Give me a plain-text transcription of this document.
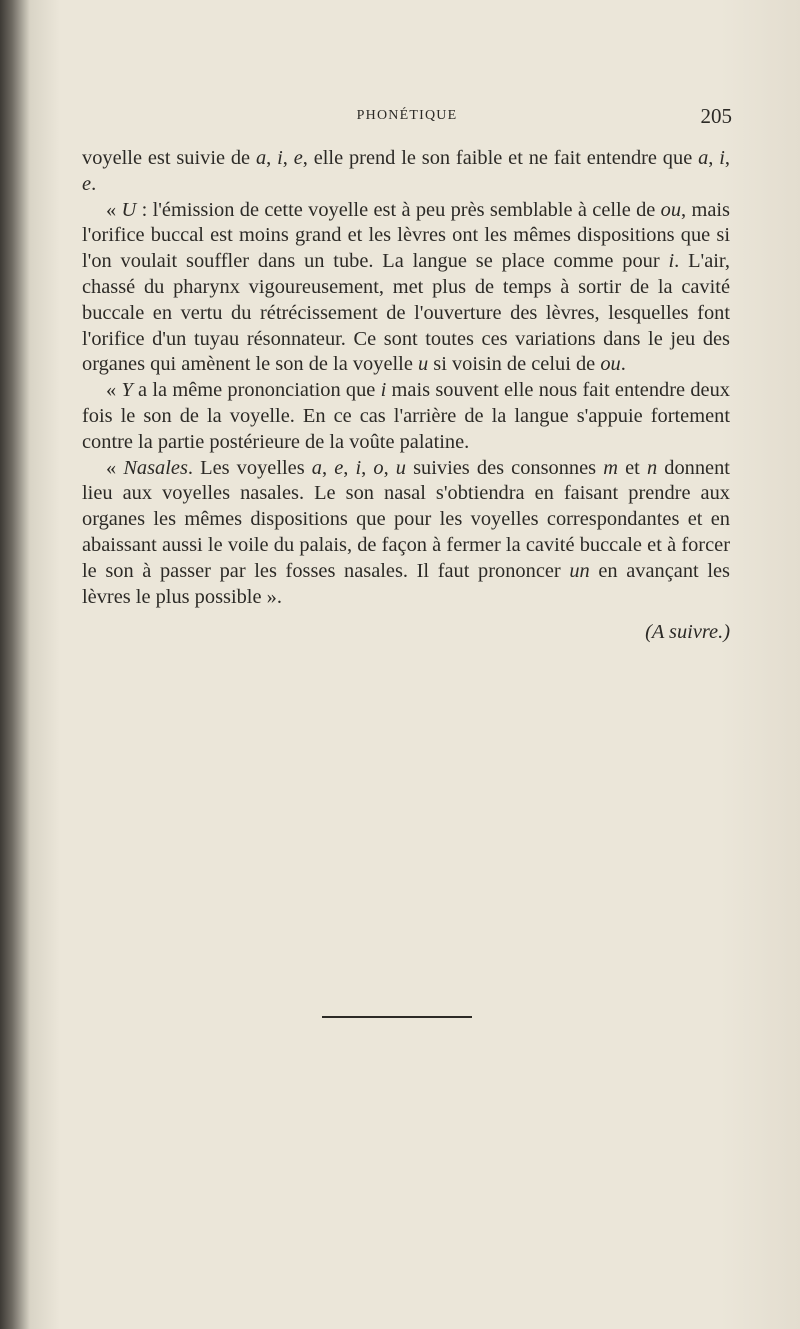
PHONÉTIQUE	205

voyelle est suivie de a, i, e, elle prend le son faible et ne fait entendre que a, i, e.

« U : l'émission de cette voyelle est à peu près semblable à celle de ou, mais l'orifice buccal est moins grand et les lèvres ont les mêmes dispositions que si l'on voulait souffler dans un tube. La langue se place comme pour i. L'air, chassé du pharynx vigoureusement, met plus de temps à sortir de la cavité buccale en vertu du rétrécissement de l'ouverture des lèvres, lesquelles font l'orifice d'un tuyau résonnateur. Ce sont toutes ces variations dans le jeu des organes qui amènent le son de la voyelle u si voisin de celui de ou.

« Y a la même prononciation que i mais souvent elle nous fait entendre deux fois le son de la voyelle. En ce cas l'arrière de la langue s'appuie fortement contre la partie postérieure de la voûte palatine.

« Nasales. Les voyelles a, e, i, o, u suivies des consonnes m et n donnent lieu aux voyelles nasales. Le son nasal s'obtiendra en faisant prendre aux organes les mêmes dispositions que pour les voyelles correspondantes et en abaissant aussi le voile du palais, de façon à fermer la cavité buccale et à forcer le son à passer par les fosses nasales. Il faut prononcer un en avançant les lèvres le plus possible ».

(A suivre.)
